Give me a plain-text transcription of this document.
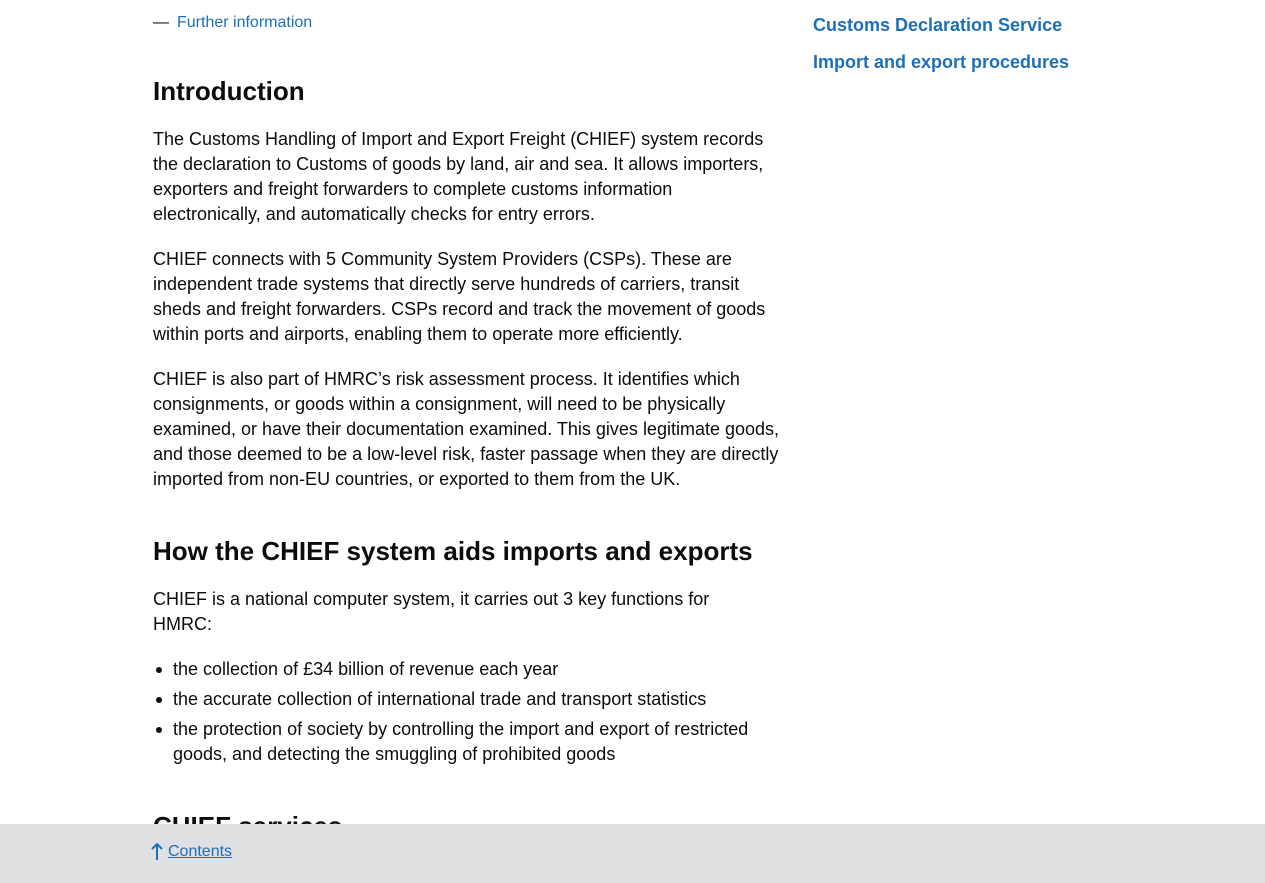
— Further information
Introduction

The Customs Handling of Import and Export Freight (CHIEF) system records the declaration to Customs of goods by land, air and sea. It allows importers, exporters and freight forwarders to complete customs information electronically, and automatically checks for entry errors.

CHIEF connects with 5 Community System Providers (CSPs). These are independent trade systems that directly serve hundreds of carriers, transit sheds and freight forwarders. CSPs record and track the movement of goods within ports and airports, enabling them to operate more efficiently.

CHIEF is also part of HMRC’s risk assessment process. It identifies which consignments, or goods within a consignment, will need to be physically examined, or have their documentation examined. This gives legitimate goods, and those deemed to be a low-level risk, faster passage when they are directly imported from non-EU countries, or exported to them from the UK.

How the CHIEF system aids imports and exports

CHIEF is a national computer system, it carries out 3 key functions for HMRC:

the collection of £34 billion of revenue each year
the accurate collection of international trade and transport statistics
the protection of society by controlling the import and export of restricted goods, and detecting the smuggling of prohibited goods
Customs Declaration Service
Import and export procedures
Contents
